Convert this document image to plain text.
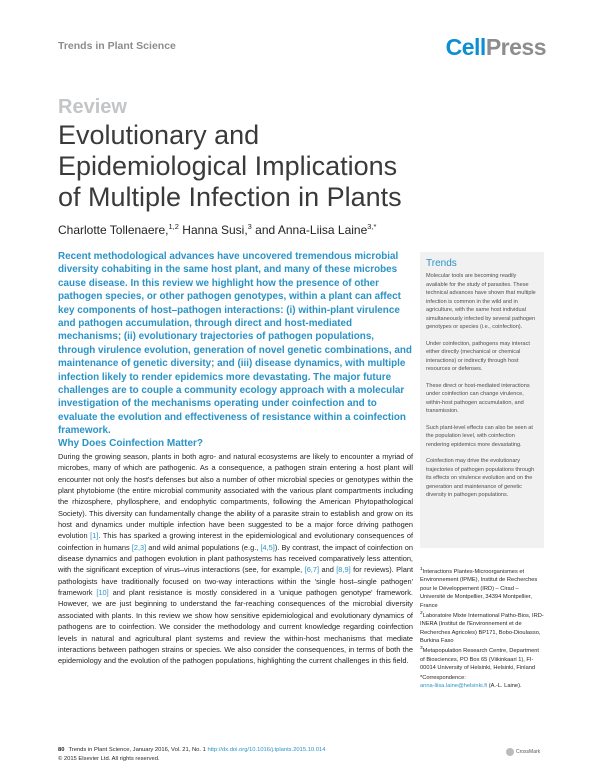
Trends in Plant Science	CellPress
Review
Evolutionary and
Epidemiological Implications
of Multiple Infection in Plants
Charlotte Tollenaere,$^{1,2}$ Hanna Susi,$^3$ and Anna-Liisa Laine$^{3,*}$

Recent methodological advances have uncovered tremendous microbial diversity cohabiting in the same host plant, and many of these microbes cause disease. In this review we highlight how the presence of other pathogen species, or other pathogen genotypes, within a plant can affect key components of host–pathogen interactions: (i) within-plant virulence and pathogen accumulation, through direct and host-mediated mechanisms; (ii) evolutionary trajectories of pathogen populations, through virulence evolution, generation of novel genetic combinations, and maintenance of genetic diversity; and (iii) disease dynamics, with multiple infection likely to render epidemics more devastating. The major future challenges are to couple a community ecology approach with a molecular investigation of the mechanisms operating under coinfection and to evaluate the evolution and effectiveness of resistance within a coinfection framework.

Trends

Molecular tools are becoming readily available for the study of parasites. These technical advances have shown that multiple infection is common in the wild and in agriculture, with the same host individual simultaneously infected by several pathogen genotypes or species (i.e., coinfection).

Under coinfection, pathogens may interact either directly (mechanical or chemical interactions) or indirectly through host resources or defenses.

These direct or host-mediated interactions under coinfection can change virulence, within-host pathogen accumulation, and transmission.

Such plant-level effects can also be seen at the population level, with coinfection rendering epidemics more devastating.

Coinfection may drive the evolutionary trajectories of pathogen populations through its effects on virulence evolution and on the generation and maintenance of genetic diversity in pathogen populations.

Why Does Coinfection Matter?

During the growing season, plants in both agro- and natural ecosystems are likely to encounter a myriad of microbes, many of which are pathogenic. As a consequence, a pathogen strain entering a host plant will encounter not only the host's defenses but also a number of other microbial species or genotypes within the plant phytobiome (the entire microbial community associated with the various plant compartments including the rhizosphere, phyllosphere, and endophytic compartments, following the American Phytopathological Society). This diversity can fundamentally change the ability of a parasite strain to establish and grow on its host and dynamics under multiple infection have been suggested to be a major force driving pathogen evolution [1]. This has sparked a growing interest in the epidemiological and evolutionary consequences of coinfection in humans [2,3] and wild animal populations (e.g., [4,5]). By contrast, the impact of coinfection on disease dynamics and pathogen evolution in plant pathosystems has received comparatively less attention, with the significant exception of virus–virus interactions (see, for example, [6,7] and [8,9] for reviews). Plant pathologists have traditionally focused on two-way interactions within the 'single host–single pathogen' framework [10] and plant resistance is mostly considered in a 'unique pathogen genotype' framework. However, we are just beginning to understand the far-reaching consequences of the microbial diversity associated with plants. In this review we show how sensitive epidemiological and evolutionary dynamics of pathogens are to coinfection. We consider the methodology and current knowledge regarding coinfection levels in natural and agricultural plant systems and review the within-host mechanisms that mediate interactions between pathogen strains or species. We also consider the consequences, in terms of both the epidemiology and the evolution of the pathogen populations, highlighting the current challenges in this field.

$^1$Interactions Plantes-Microorganismes et Environnement (IPME), Institut de Recherches pour le Développement (IRD) – Cirad – Université de Montpellier, 34394 Montpellier, France

$^2$Laboratoire Mixte International Patho-Bios, IRD-INERA (Institut de l'Environnement et de Recherches Agricoles) BP171, Bobo-Dioulasso, Burkina Faso

$^3$Metapopulation Research Centre, Department of Biosciences, PO Box 65 (Viikinkaari 1), FI-00014 University of Helsinki, Helsinki, Finland

*Correspondence:
anna-liisa.laine@helsinki.fi (A.-L. Laine).
80 Trends in Plant Science, January 2016, Vol. 21, No. 1 http://dx.doi.org/10.1016/j.tplants.2015.10.014
© 2015 Elsevier Ltd. All rights reserved.
CrossMark
